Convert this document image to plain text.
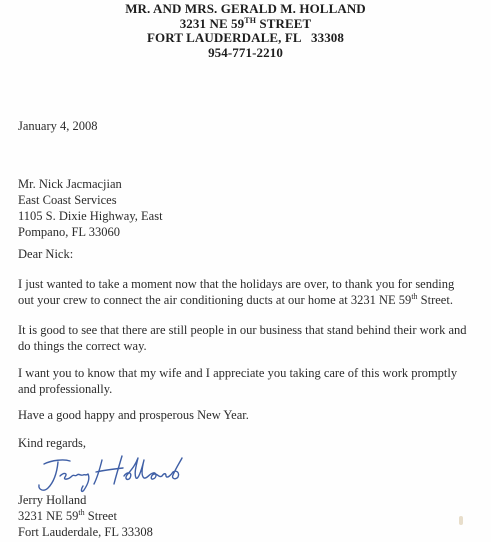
MR. AND MRS. GERALD M. HOLLAND
3231 NE 59TH STREET
FORT LAUDERDALE, FL   33308
954-771-2210
January 4, 2008
Mr. Nick Jacmacjian
East Coast Services
1105 S. Dixie Highway, East
Pompano, FL 33060
Dear Nick:
I just wanted to take a moment now that the holidays are over, to thank you for sending
out your crew to connect the air conditioning ducts at our home at 3231 NE 59th Street.
It is good to see that there are still people in our business that stand behind their work and
do things the correct way.
I want you to know that my wife and I appreciate you taking care of this work promptly
and professionally.
Have a good happy and prosperous New Year.
Kind regards,
Jerry Holland
3231 NE 59th Street
Fort Lauderdale, FL 33308
